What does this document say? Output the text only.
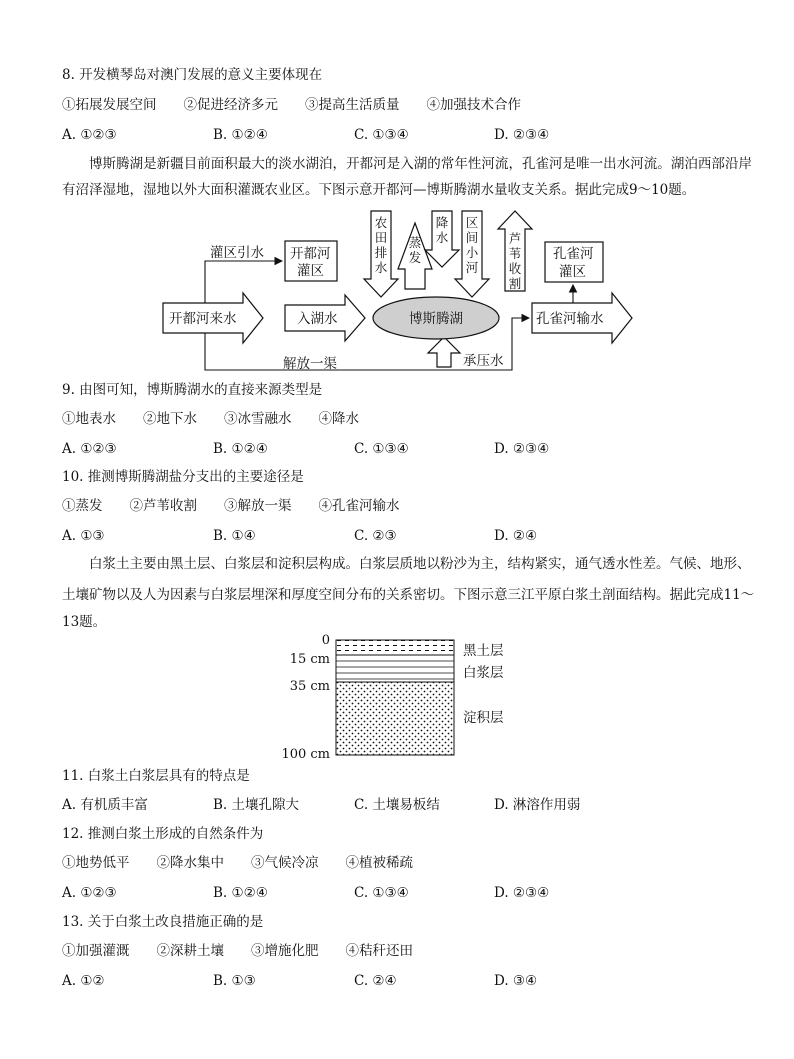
8. 开发横琴岛对澳门发展的意义主要体现在
①拓展发展空间　　②促进经济多元　　③提高生活质量　　④加强技术合作
A. ①②③	B. ①②④	C. ①③④	D. ②③④
博斯腾湖是新疆目前面积最大的淡水湖泊，开都河是入湖的常年性河流，孔雀河是唯一出水河流。湖泊西部沿岸有沼泽湿地，湿地以外大面积灌溉农业区。下图示意开都河—博斯腾湖水量收支关系。据此完成9～10题。
开都河来水
灌区引水 开都河
灌区
入湖水	博斯腾湖	孔雀河输水
孔雀河
灌区
解放一渠	承压水
农
田
排
水
蒸
发
降
水
区
间
小
河
芦
苇
收
割
9. 由图可知，博斯腾湖水的直接来源类型是
①地表水　　②地下水　　③冰雪融水　　④降水
A. ①②③	B. ①②④	C. ①③④	D. ②③④
10. 推测博斯腾湖盐分支出的主要途径是
①蒸发　　②芦苇收割　　③解放一渠　　④孔雀河输水
A. ①③	B. ①④	C. ②③	D. ②④
白浆土主要由黑土层、白浆层和淀积层构成。白浆层质地以粉沙为主，结构紧实，通气透水性差。气候、地形、
土壤矿物以及人为因素与白浆层埋深和厚度空间分布的关系密切。下图示意三江平原白浆土剖面结构。据此完成11～
13题。
0
15 cm
35 cm
100 cm
黑土层
白浆层
淀积层
11. 白浆土白浆层具有的特点是
A. 有机质丰富	B. 土壤孔隙大	C. 土壤易板结	D. 淋溶作用弱
12. 推测白浆土形成的自然条件为
①地势低平　　②降水集中　　③气候冷凉　　④植被稀疏
A. ①②③	B. ①②④	C. ①③④	D. ②③④
13. 关于白浆土改良措施正确的是
①加强灌溉　　②深耕土壤　　③增施化肥　　④秸秆还田
A. ①②	B. ①③	C. ②④	D. ③④
